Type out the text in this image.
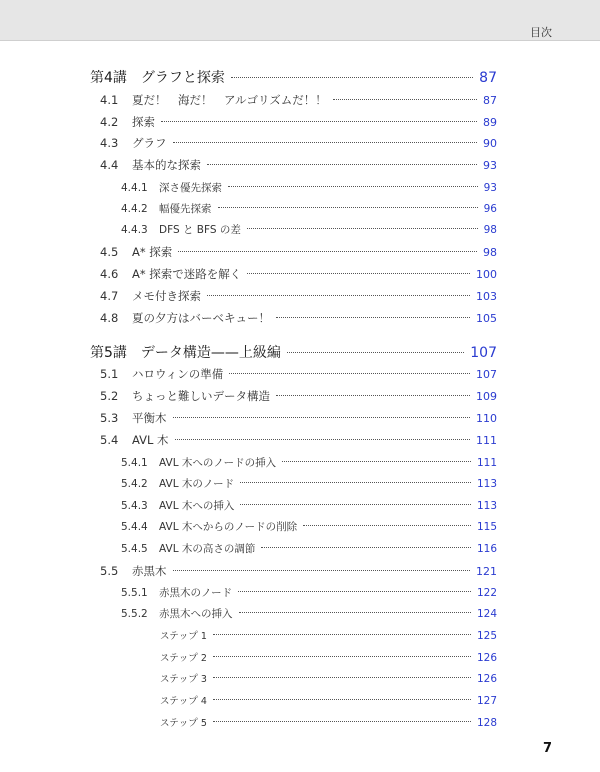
目次
第4講 グラフと探索	87
4.1	夏だ！　海だ！　アルゴリズムだ！！	87
4.2	探索	89
4.3	グラフ	90
4.4	基本的な探索	93
4.4.1	深さ優先探索	93
4.4.2	幅優先探索	96
4.4.3	DFS と BFS の差	98
4.5	A* 探索	98
4.6	A* 探索で迷路を解く	100
4.7	メモ付き探索	103
4.8	夏の夕方はバーベキュー！	105
第5講 データ構造——上級編	107
5.1	ハロウィンの準備	107
5.2	ちょっと難しいデータ構造	109
5.3	平衡木	110
5.4	AVL 木	111
5.4.1	AVL 木へのノードの挿入	111
5.4.2	AVL 木のノード	113
5.4.3	AVL 木への挿入	113
5.4.4	AVL 木へからのノードの削除	115
5.4.5	AVL 木の高さの調節	116
5.5	赤黒木	121
5.5.1	赤黒木のノード	122
5.5.2	赤黒木への挿入	124
ステップ 1	125
ステップ 2	126
ステップ 3	126
ステップ 4	127
ステップ 5	128
7
